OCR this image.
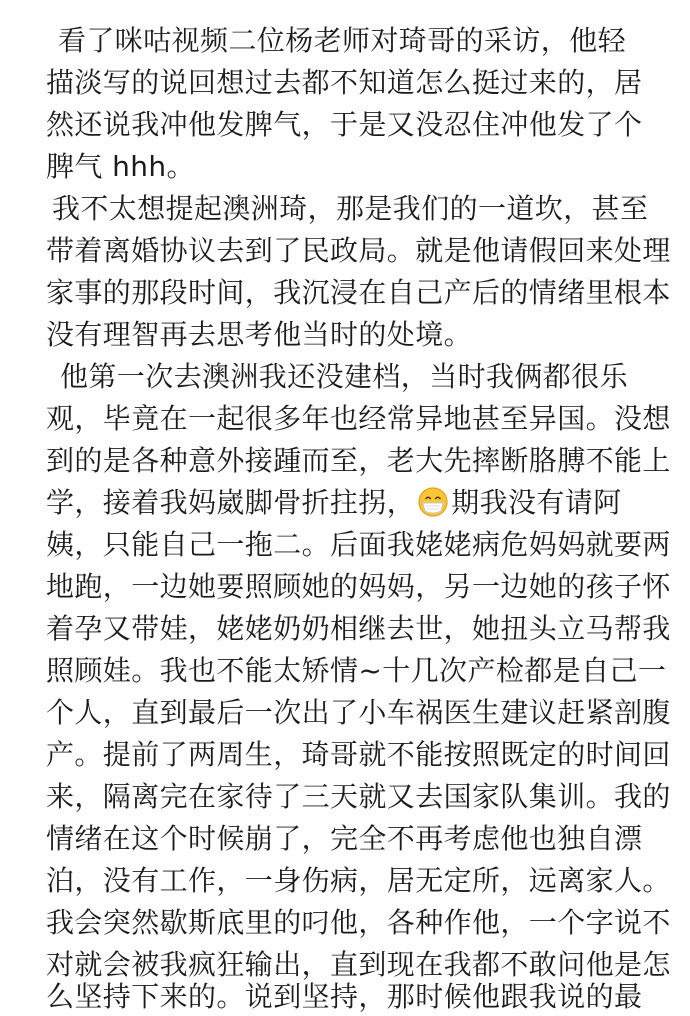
看了咪咕视频二位杨老师对琦哥的采访，他轻
描淡写的说回想过去都不知道怎么挺过来的，居
然还说我冲他发脾气，于是又没忍住冲他发了个
脾气 hhh。
我不太想提起澳洲琦，那是我们的一道坎，甚至
带着离婚协议去到了民政局。就是他请假回来处理
家事的那段时间，我沉浸在自己产后的情绪里根本
没有理智再去思考他当时的处境。
他第一次去澳洲我还没建档，当时我俩都很乐
观，毕竟在一起很多年也经常异地甚至异国。没想
到的是各种意外接踵而至，老大先摔断胳膊不能上
学，接着我妈崴脚骨折拄拐， 期我没有请阿
姨，只能自己一拖二。后面我姥姥病危妈妈就要两
地跑，一边她要照顾她的妈妈，另一边她的孩子怀
着孕又带娃，姥姥奶奶相继去世，她扭头立马帮我
照顾娃。我也不能太矫情~十几次产检都是自己一
个人，直到最后一次出了小车祸医生建议赶紧剖腹
产。提前了两周生，琦哥就不能按照既定的时间回
来，隔离完在家待了三天就又去国家队集训。我的
情绪在这个时候崩了，完全不再考虑他也独自漂
泊，没有工作，一身伤病，居无定所，远离家人。
我会突然歇斯底里的叼他，各种作他，一个字说不
对就会被我疯狂输出，直到现在我都不敢问他是怎
么坚持下来的。说到坚持，那时候他跟我说的最
